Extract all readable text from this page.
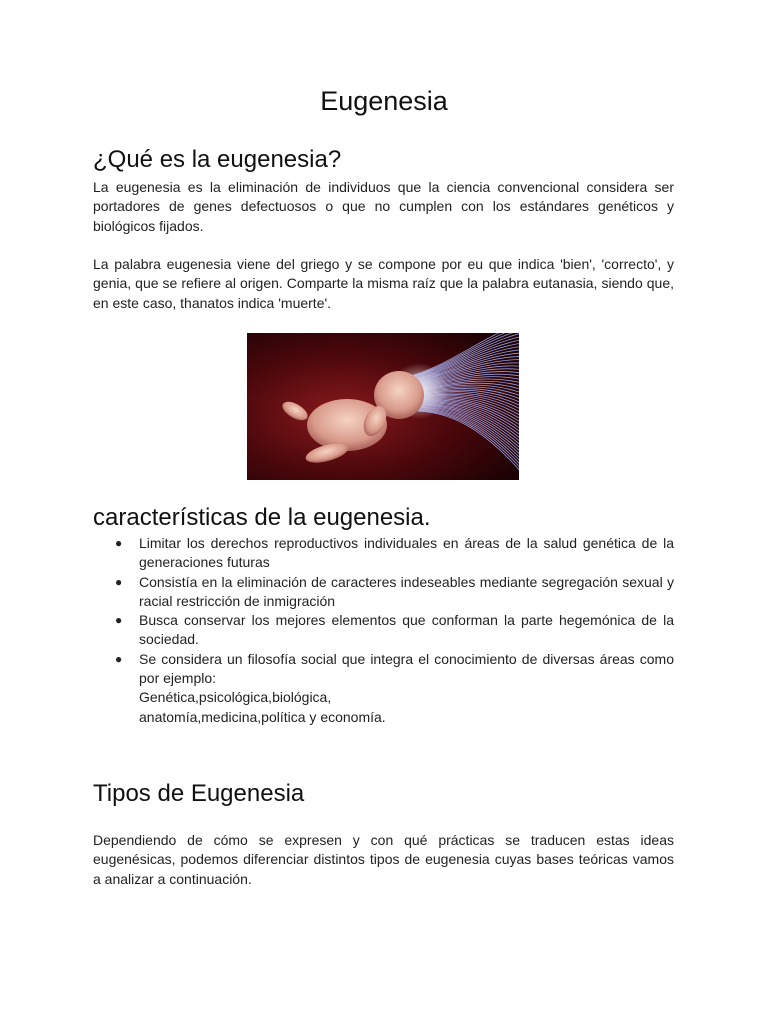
Eugenesia
¿Qué es la eugenesia?

La eugenesia es la eliminación de individuos que la ciencia convencional considera ser portadores de genes defectuosos o que no cumplen con los estándares genéticos y biológicos fijados.

La palabra eugenesia viene del griego y se compone por eu que indica 'bien', 'correcto', y genia, que se refiere al origen. Comparte la misma raíz que la palabra eutanasia, siendo que, en este caso, thanatos indica 'muerte'.

características de la eugenesia.
● Limitar los derechos reproductivos individuales en áreas de la salud genética de la generaciones futuras
● Consistía en la eliminación de caracteres indeseables mediante segregación sexual y racial restricción de inmigración
● Busca conservar los mejores elementos que conforman la parte hegemónica de la sociedad.
● Se considera un filosofía social que integra el conocimiento de diversas áreas como por ejemplo:
Genética,psicológica,biológica,
anatomía,medicina,política y economía.
Tipos de Eugenesia

Dependiendo de cómo se expresen y con qué prácticas se traducen estas ideas eugenésicas, podemos diferenciar distintos tipos de eugenesia cuyas bases teóricas vamos a analizar a continuación.
